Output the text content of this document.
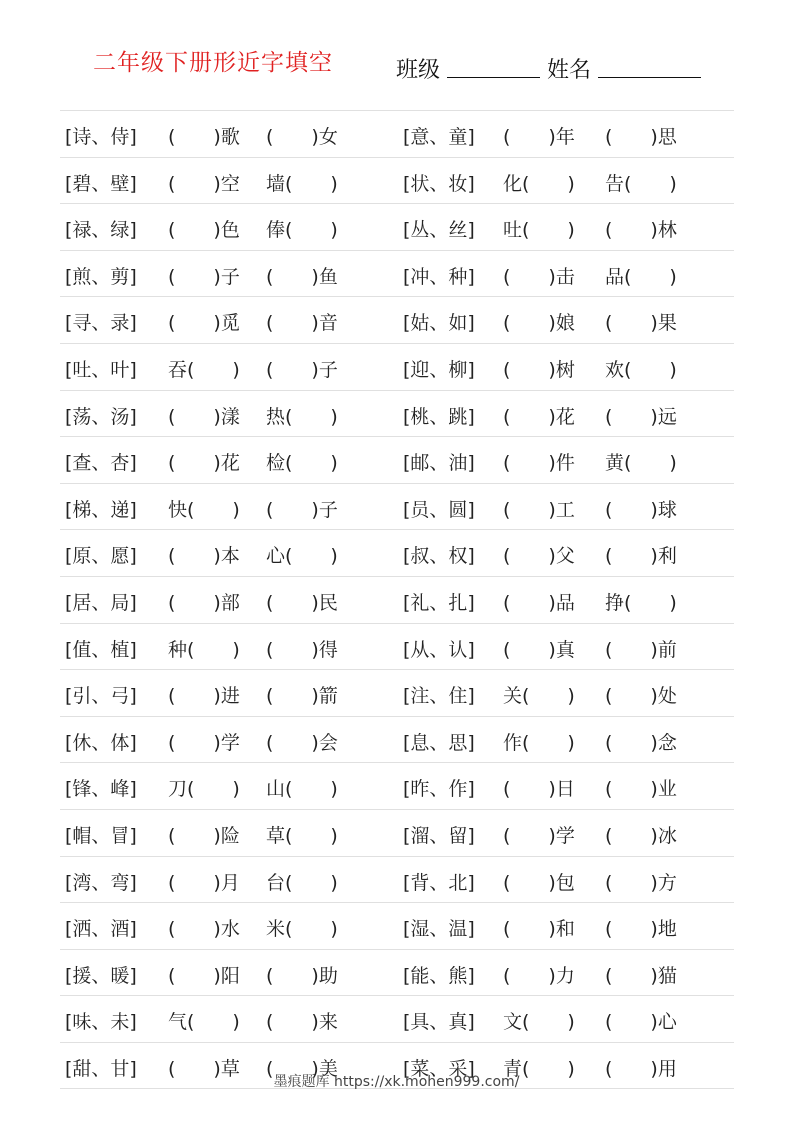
二年级下册形近字填空	班级	姓名
[诗、侍] (　　)歌 (　　)女	[意、童] (　　)年 (　　)思
[碧、壁] (　　)空 墙(　　)	[状、妆] 化(　　) 告(　　)
[禄、绿] (　　)色 俸(　　)	[丛、丝] 吐(　　) (　　)林
[煎、剪] (　　)子 (　　)鱼	[冲、种] (　　)击 品(　　)
[寻、录] (　　)觅 (　　)音	[姑、如] (　　)娘 (　　)果
[吐、叶] 吞(　　) (　　)子	[迎、柳] (　　)树 欢(　　)
[荡、汤] (　　)漾 热(　　)	[桃、跳] (　　)花 (　　)远
[查、杏] (　　)花 检(　　)	[邮、油] (　　)件 黄(　　)
[梯、递] 快(　　) (　　)子	[员、圆] (　　)工 (　　)球
[原、愿] (　　)本 心(　　)	[叔、权] (　　)父 (　　)利
[居、局] (　　)部 (　　)民	[礼、扎] (　　)品 挣(　　)
[值、植] 种(　　) (　　)得	[从、认] (　　)真 (　　)前
[引、弓] (　　)进 (　　)箭	[注、住] 关(　　) (　　)处
[休、体] (　　)学 (　　)会	[息、思] 作(　　) (　　)念
[锋、峰] 刀(　　) 山(　　)	[昨、作] (　　)日 (　　)业
[帽、冒] (　　)险 草(　　)	[溜、留] (　　)学 (　　)冰
[湾、弯] (　　)月 台(　　)	[背、北] (　　)包 (　　)方
[洒、酒] (　　)水 米(　　)	[湿、温] (　　)和 (　　)地
[援、暖] (　　)阳 (　　)助	[能、熊] (　　)力 (　　)猫
[味、未] 气(　　) (　　)来	[具、真] 文(　　) (　　)心
[甜、甘] (　　)草 (　　)美	[菜、采] 青(　　) (　　)用
墨痕题库 https://xk.mohen999.com/
